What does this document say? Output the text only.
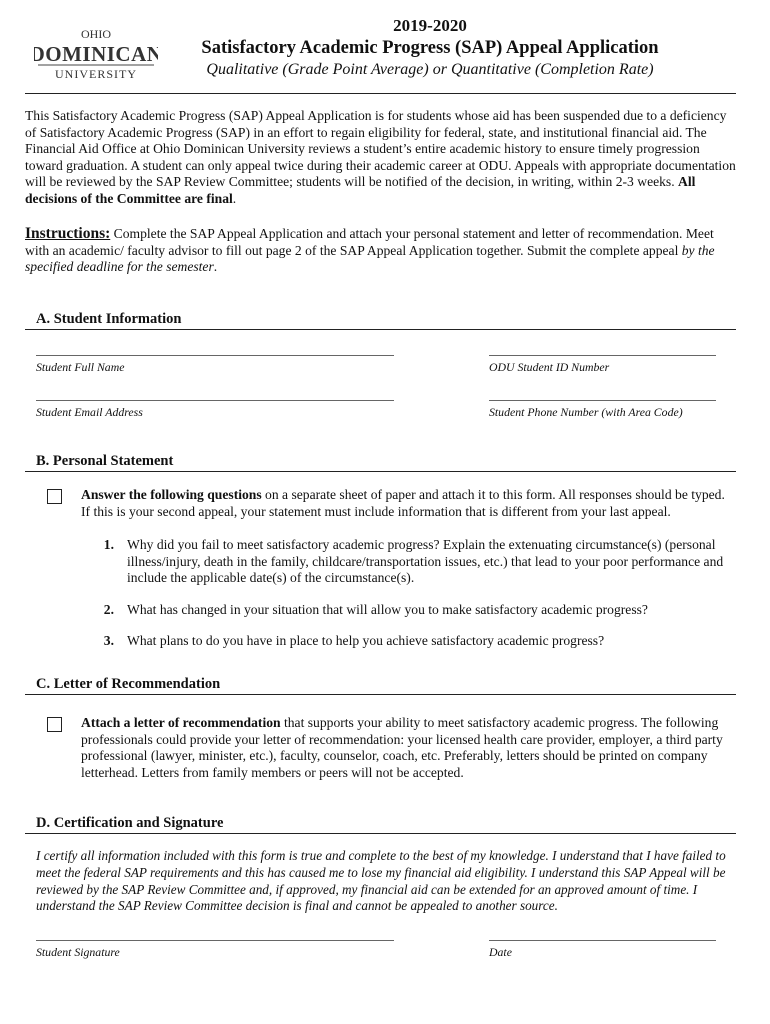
OHIO
DOMINICAN
UNIVERSITY
2019-2020
Satisfactory Academic Progress (SAP) Appeal Application
Qualitative (Grade Point Average) or Quantitative (Completion Rate)

This Satisfactory Academic Progress (SAP) Appeal Application is for students whose aid has been suspended due to a deficiency of Satisfactory Academic Progress (SAP) in an effort to regain eligibility for federal, state, and institutional financial aid. The Financial Aid Office at Ohio Dominican University reviews a student’s entire academic history to ensure timely progression toward graduation. A student can only appeal twice during their academic career at ODU. Appeals with appropriate documentation will be reviewed by the SAP Review Committee; students will be notified of the decision, in writing, within 2-3 weeks. All decisions of the Committee are final.

Instructions: Complete the SAP Appeal Application and attach your personal statement and letter of recommendation. Meet with an academic/ faculty advisor to fill out page 2 of the SAP Appeal Application together. Submit the complete appeal by the specified deadline for the semester.

A. Student Information
Student Full Name	ODU Student ID Number
Student Email Address	Student Phone Number (with Area Code)
B. Personal Statement

Answer the following questions on a separate sheet of paper and attach it to this form. All responses should be typed. If this is your second appeal, your statement must include information that is different from your last appeal.

1. Why did you fail to meet satisfactory academic progress? Explain the extenuating circumstance(s) (personal illness/injury, death in the family, childcare/transportation issues, etc.) that lead to your poor performance and include the applicable date(s) of the circumstance(s).

2. What has changed in your situation that will allow you to make satisfactory academic progress?

3. What plans to do you have in place to help you achieve satisfactory academic progress?

C. Letter of Recommendation

Attach a letter of recommendation that supports your ability to meet satisfactory academic progress. The following professionals could provide your letter of recommendation: your licensed health care provider, employer, a third party professional (lawyer, minister, etc.), faculty, counselor, coach, etc. Preferably, letters should be printed on company letterhead. Letters from family members or peers will not be accepted.

D. Certification and Signature

I certify all information included with this form is true and complete to the best of my knowledge. I understand that I have failed to meet the federal SAP requirements and this has caused me to lose my financial aid eligibility. I understand this SAP Appeal will be reviewed by the SAP Review Committee and, if approved, my financial aid can be extended for an approved amount of time. I understand the SAP Review Committee decision is final and cannot be appealed to another source.

Student Signature	Date
